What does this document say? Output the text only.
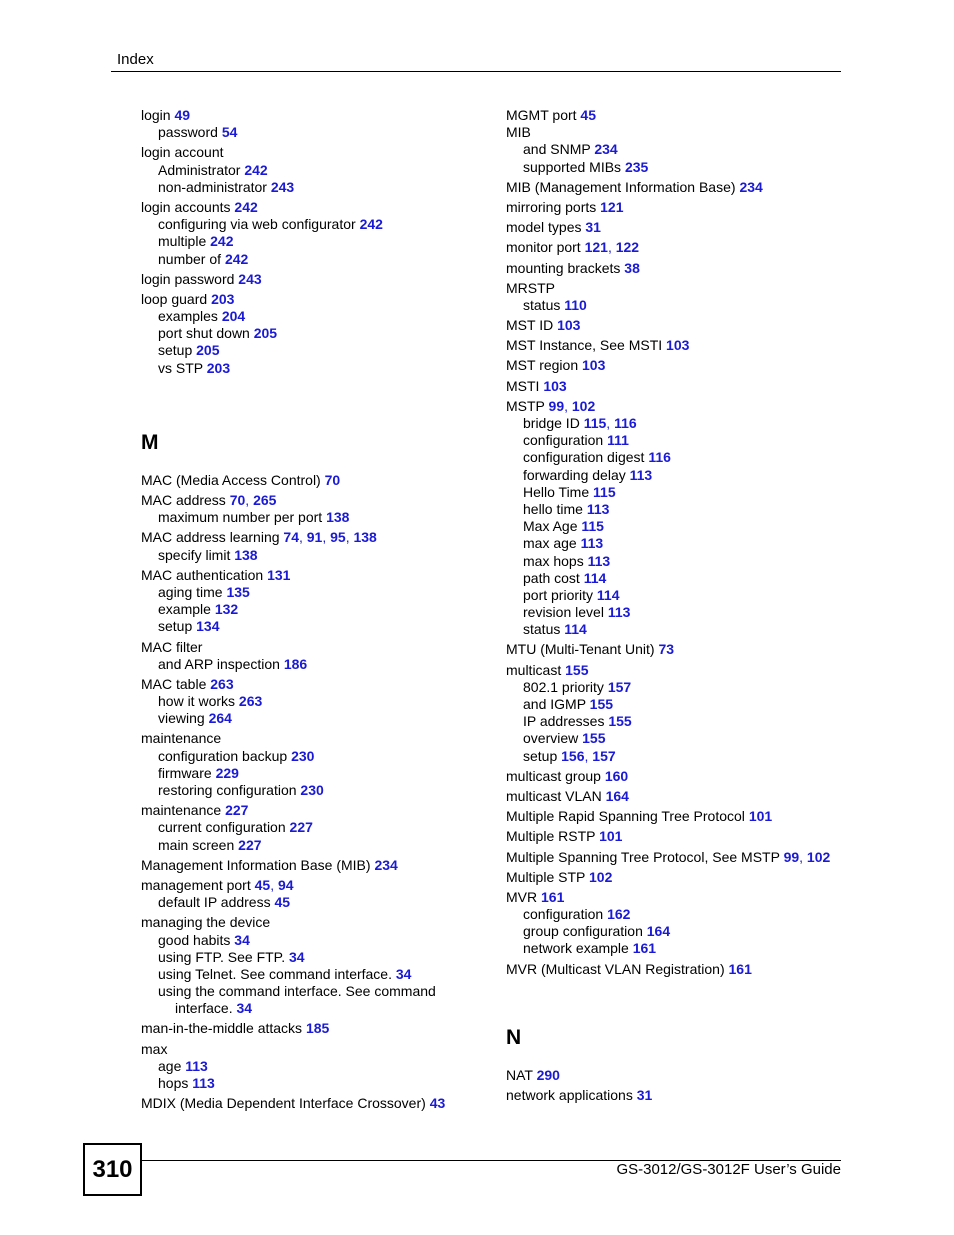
Index
login 49
password 54
login account
Administrator 242
non-administrator 243
login accounts 242
configuring via web configurator 242
multiple 242
number of 242
login password 243
loop guard 203
examples 204
port shut down 205
setup 205
vs STP 203
M
MAC (Media Access Control) 70
MAC address 70, 265
maximum number per port 138
MAC address learning 74, 91, 95, 138
specify limit 138
MAC authentication 131
aging time 135
example 132
setup 134
MAC filter
and ARP inspection 186
MAC table 263
how it works 263
viewing 264
maintenance
configuration backup 230
firmware 229
restoring configuration 230
maintenance 227
current configuration 227
main screen 227
Management Information Base (MIB) 234
management port 45, 94
default IP address 45
managing the device
good habits 34
using FTP. See FTP. 34
using Telnet. See command interface. 34
using the command interface. See command
interface. 34
man-in-the-middle attacks 185
max
age 113
hops 113
MDIX (Media Dependent Interface Crossover) 43
MGMT port 45
MIB
and SNMP 234
supported MIBs 235
MIB (Management Information Base) 234
mirroring ports 121
model types 31
monitor port 121, 122
mounting brackets 38
MRSTP
status 110
MST ID 103
MST Instance, See MSTI 103
MST region 103
MSTI 103
MSTP 99, 102
bridge ID 115, 116
configuration 111
configuration digest 116
forwarding delay 113
Hello Time 115
hello time 113
Max Age 115
max age 113
max hops 113
path cost 114
port priority 114
revision level 113
status 114
MTU (Multi-Tenant Unit) 73
multicast 155
802.1 priority 157
and IGMP 155
IP addresses 155
overview 155
setup 156, 157
multicast group 160
multicast VLAN 164
Multiple Rapid Spanning Tree Protocol 101
Multiple RSTP 101
Multiple Spanning Tree Protocol, See MSTP 99, 102
Multiple STP 102
MVR 161
configuration 162
group configuration 164
network example 161
MVR (Multicast VLAN Registration) 161
N
NAT 290
network applications 31
310	GS-3012/GS-3012F User’s Guide
